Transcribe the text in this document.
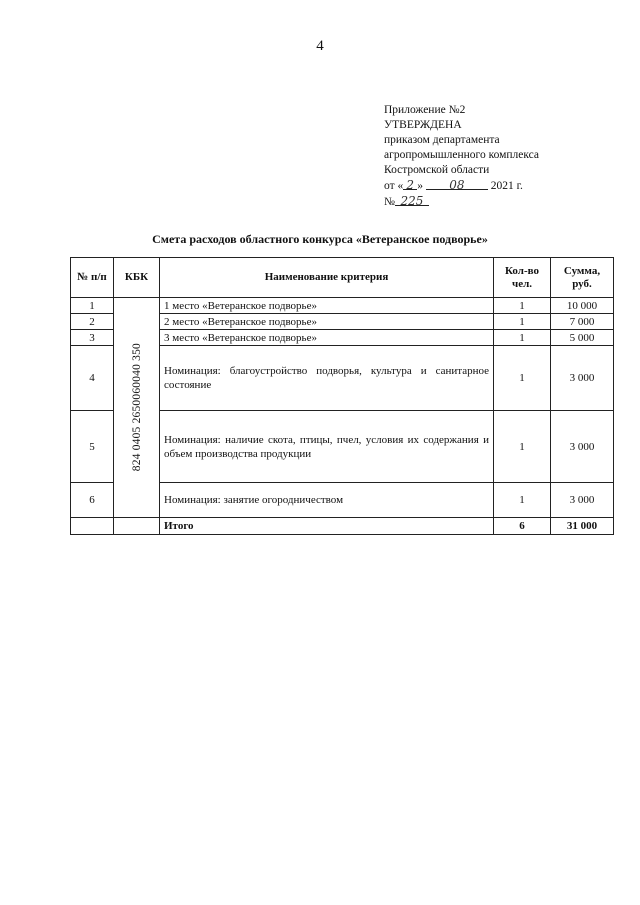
4
Приложение №2
УТВЕРЖДЕНА
приказом департамента
агропромышленного комплекса
Костромской области
от « 2 » 08 2021 г.
№ 225
Смета расходов областного конкурса «Ветеранское подворье»
№ п/п	КБК	Наименование критерия	Кол-во чел.	Сумма, руб.
1	824 0405 2650060040 350	1 место «Ветеранское подворье»	1	10 000
2		2 место «Ветеранское подворье»	1	7 000
3		3 место «Ветеранское подворье»	1	5 000
4		Номинация: благоустройство подворья, культура и санитарное состояние	1	3 000
5		Номинация: наличие скота, птицы, пчел, условия их содержания и объем производства продукции	1	3 000
6		Номинация: занятие огородничеством	1	3 000
		Итого	6	31 000
